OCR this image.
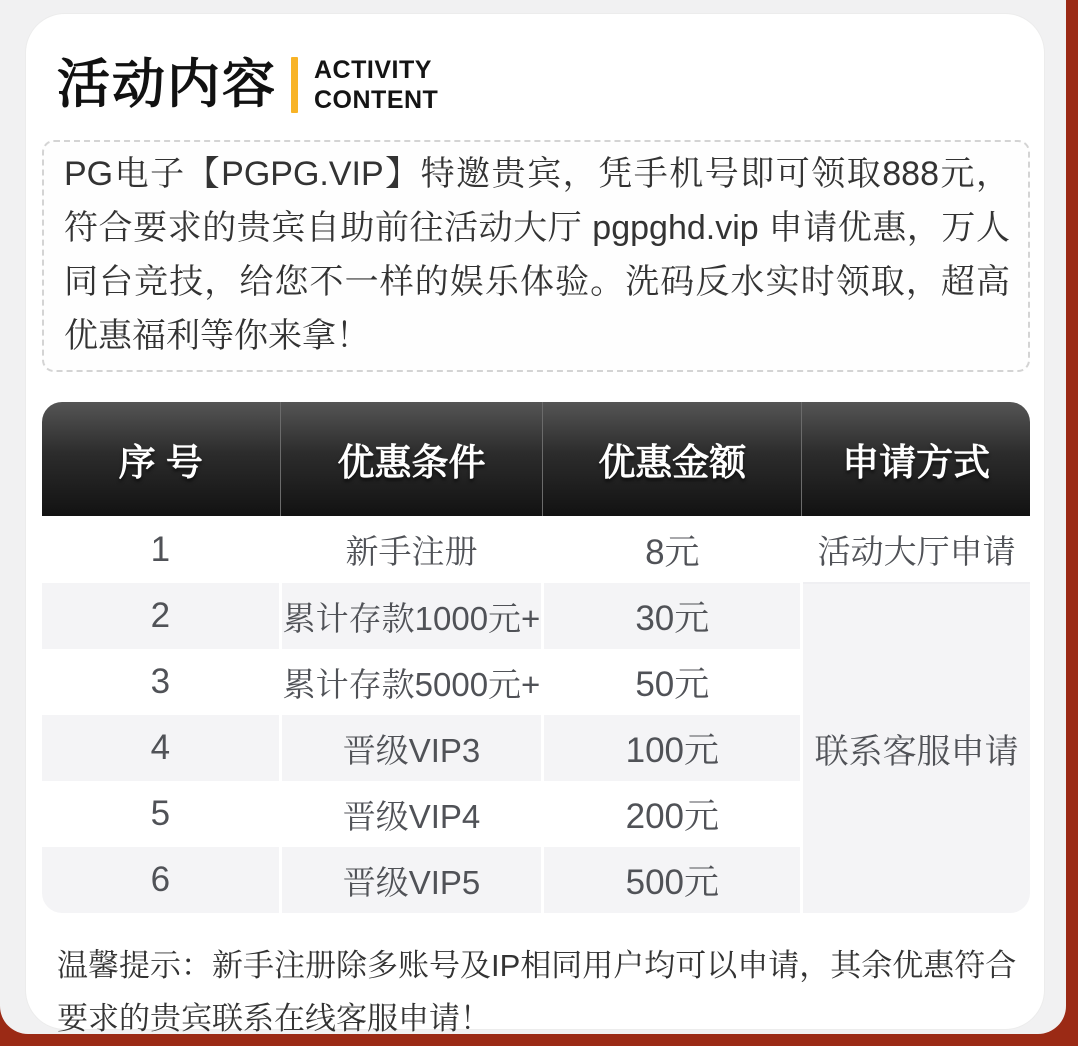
活动内容 ACTIVITY
CONTENT
PG电子【PGPG.VIP】特邀贵宾，凭手机号即可领取888元，符合要求的贵宾自助前往活动大厅 pgpghd.vip 申请优惠，万人同台竞技，给您不一样的娱乐体验。洗码反水实时领取，超高优惠福利等你来拿！
序 号	优惠条件	优惠金额	申请方式
1	新手注册	8元	活动大厅申请
2	累计存款1000元+	30元	联系客服申请
3	累计存款5000元+	50元	
4	晋级VIP3	100元	
5	晋级VIP4	200元	
6	晋级VIP5	500元	
温馨提示：新手注册除多账号及IP相同用户均可以申请，其余优惠符合要求的贵宾联系在线客服申请！
